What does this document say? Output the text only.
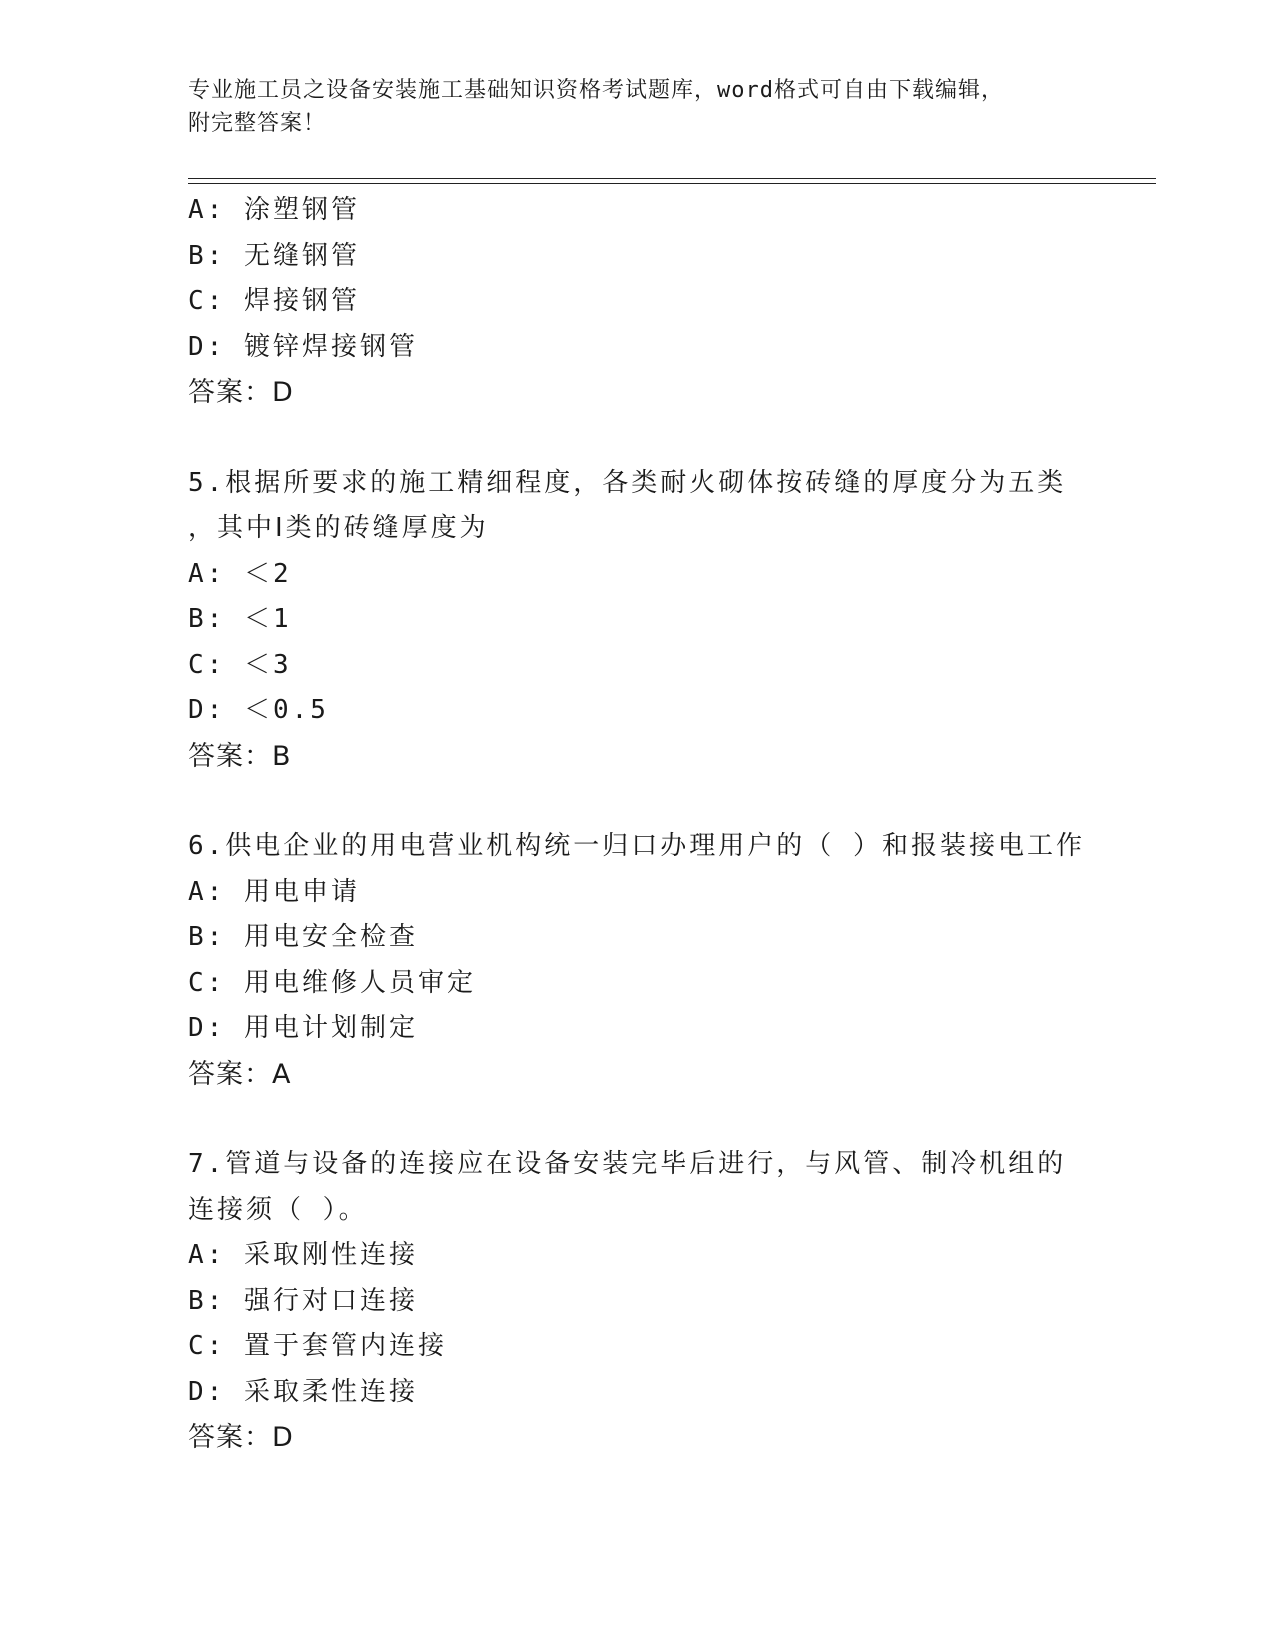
专业施工员之设备安装施工基础知识资格考试题库，word格式可自由下载编辑，
附完整答案！
A: 涂塑钢管
B: 无缝钢管
C: 焊接钢管
D: 镀锌焊接钢管
答案：D
5.根据所要求的施工精细程度，各类耐火砌体按砖缝的厚度分为五类
，其中Ⅰ类的砖缝厚度为
A: ＜2
B: ＜1
C: ＜3
D: ＜0.5
答案：B
6.供电企业的用电营业机构统一归口办理用户的（ ）和报装接电工作
A: 用电申请
B: 用电安全检查
C: 用电维修人员审定
D: 用电计划制定
答案：A
7.管道与设备的连接应在设备安装完毕后进行，与风管、制冷机组的
连接须（ ）。
A: 采取刚性连接
B: 强行对口连接
C: 置于套管内连接
D: 采取柔性连接
答案：D
